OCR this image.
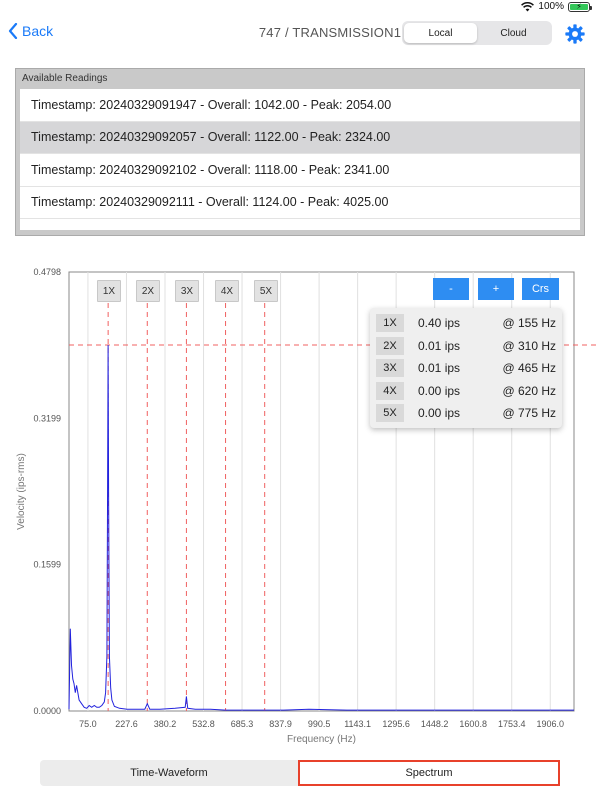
100% ⚡
Back	747 / TRANSMISSION1	Local	Cloud
Available Readings
Timestamp: 20240329091947 - Overall: 1042.00 - Peak: 2054.00
Timestamp: 20240329092057 - Overall: 1122.00 - Peak: 2324.00
Timestamp: 20240329092102 - Overall: 1118.00 - Peak: 2341.00
Timestamp: 20240329092111 - Overall: 1124.00 - Peak: 4025.00
75.0 227.6 380.2 532.8 685.3 837.9 990.5 1143.1 1295.6 1448.2 1600.8 1753.4 1906.0
0.0000
0.1599
0.3199
0.4798
Frequency (Hz)
Velocity (ips-rms)
1X	2X	3X	4X	5X	-	+	Crs
1X	0.40 ips	@ 155 Hz
2X	0.01 ips	@ 310 Hz
3X	0.01 ips	@ 465 Hz
4X	0.00 ips	@ 620 Hz
5X	0.00 ips	@ 775 Hz
Time-Waveform	Spectrum
